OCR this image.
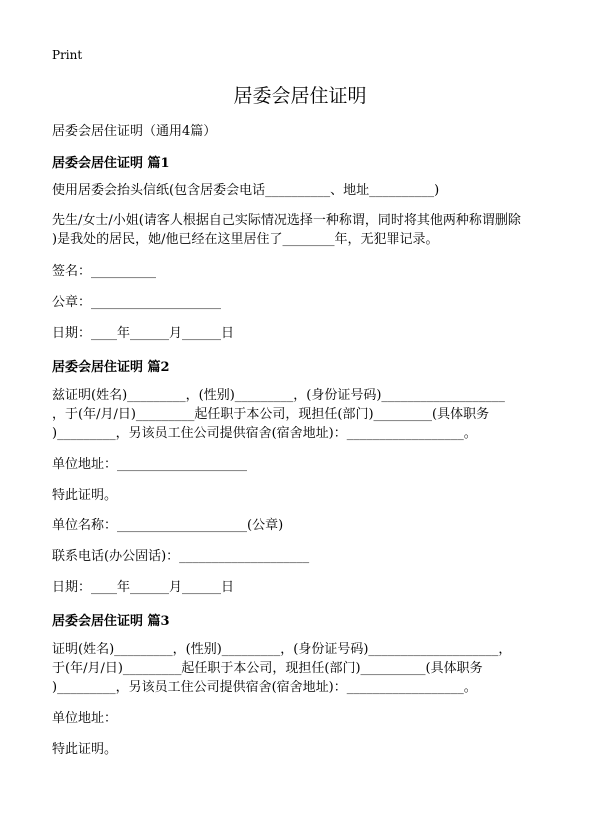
Print
居委会居住证明
居委会居住证明（通用4篇）
居委会居住证明 篇1
使用居委会抬头信纸(包含居委会电话__________、地址__________)
先生/女士/小姐(请客人根据自己实际情况选择一种称谓，同时将其他两种称谓删除
)是我处的居民，她/他已经在这里居住了________年，无犯罪记录。
签名：__________
公章：____________________
日期：____年______月______日
居委会居住证明 篇2
兹证明(姓名)_________，(性别)_________，(身份证号码)___________________
，于(年/月/日)_________起任职于本公司，现担任(部门)_________(具体职务
)_________，另该员工住公司提供宿舍(宿舍地址)：__________________。
单位地址：____________________
特此证明。
单位名称：____________________(公章)
联系电话(办公固话)：____________________
日期：____年______月______日
居委会居住证明 篇3
证明(姓名)_________，(性别)_________，(身份证号码)____________________，
于(年/月/日)_________起任职于本公司，现担任(部门)__________(具体职务
)_________，另该员工住公司提供宿舍(宿舍地址)：__________________。
单位地址：
特此证明。
